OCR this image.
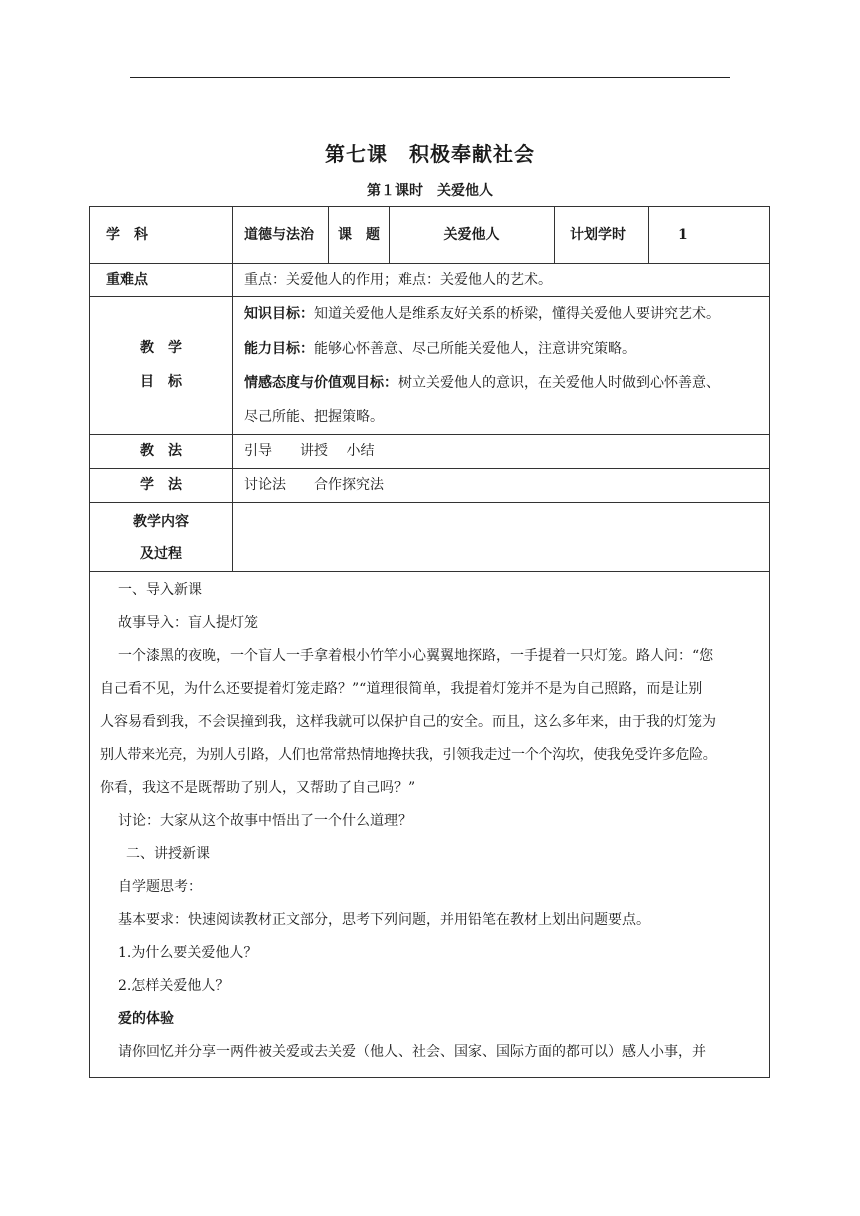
第七课　积极奉献社会
第１课时　关爱他人
学　科	道德与法治 课　题	关爱他人	计划学时	1
重难点	重点：关爱他人的作用；难点：关爱他人的艺术。
教　学
目　标
知识目标：知道关爱他人是维系友好关系的桥梁，懂得关爱他人要讲究艺术。
能力目标：能够心怀善意、尽己所能关爱他人，注意讲究策略。
情感态度与价值观目标：树立关爱他人的意识，在关爱他人时做到心怀善意、
尽己所能、把握策略。
教　法	引导　　讲授　 小结
学　法	讨论法　　合作探究法
教学内容
及过程

一、导入新课

故事导入：盲人提灯笼

一个漆黑的夜晚，一个盲人一手拿着根小竹竿小心翼翼地探路，一手提着一只灯笼。路人问：“您

自己看不见，为什么还要提着灯笼走路？”“道理很简单，我提着灯笼并不是为自己照路，而是让别

人容易看到我，不会误撞到我，这样我就可以保护自己的安全。而且，这么多年来，由于我的灯笼为

别人带来光亮，为别人引路，人们也常常热情地搀扶我，引领我走过一个个沟坎，使我免受许多危险。

你看，我这不是既帮助了别人，又帮助了自己吗？”

讨论：大家从这个故事中悟出了一个什么道理？

二、讲授新课

自学题思考：

基本要求：快速阅读教材正文部分，思考下列问题，并用铅笔在教材上划出问题要点。

1.为什么要关爱他人？

2.怎样关爱他人？

爱的体验

请你回忆并分享一两件被关爱或去关爱（他人、社会、国家、国际方面的都可以）感人小事，并
